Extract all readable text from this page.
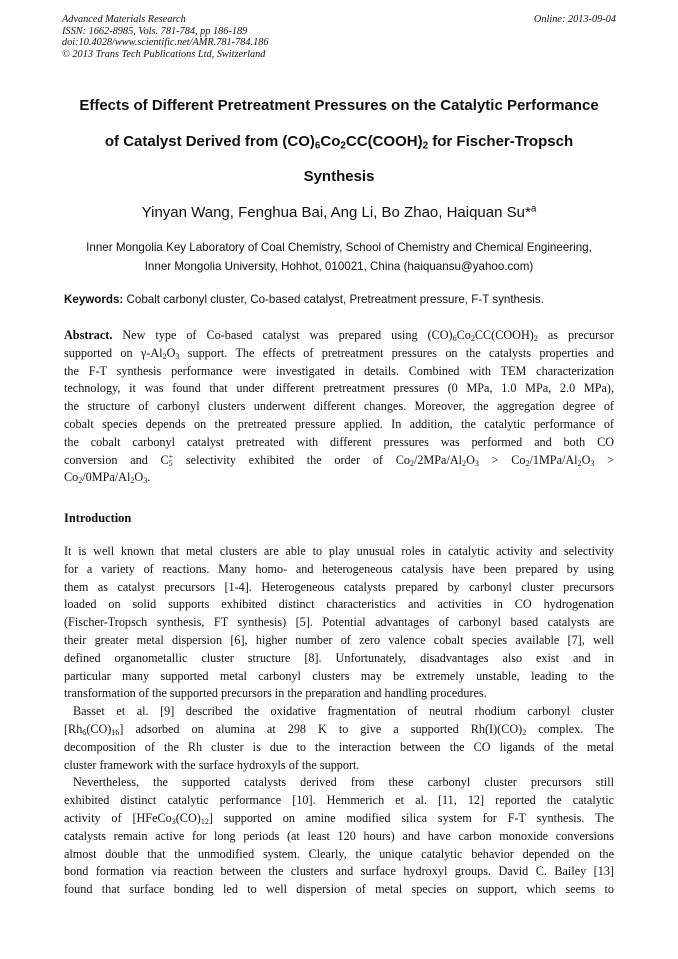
Advanced Materials Research
ISSN: 1662-8985, Vols. 781-784, pp 186-189
doi:10.4028/www.scientific.net/AMR.781-784.186
© 2013 Trans Tech Publications Ltd, Switzerland
Online: 2013-09-04
Effects of Different Pretreatment Pressures on the Catalytic Performance
of Catalyst Derived from $(CO)_6Co_2CC(COOH)_2$ for Fischer-Tropsch
Synthesis
Yinyan Wang, Fenghua Bai, Ang Li, Bo Zhao, Haiquan Su*$^a$
Inner Mongolia Key Laboratory of Coal Chemistry, School of Chemistry and Chemical Engineering,
Inner Mongolia University, Hohhot, 010021, China (haiquansu@yahoo.com)
Keywords: Cobalt carbonyl cluster, Co-based catalyst, Pretreatment pressure, F-T synthesis.
Abstract. New type of Co-based catalyst was prepared using $(CO)_6Co_2CC(COOH)_2$ as precursor
supported on $\gamma-Al_2O_3$ support. The effects of pretreatment pressures on the catalysts properties and
the F-T synthesis performance were investigated in details. Combined with TEM characterization
technology, it was found that under different pretreatment pressures (0 MPa, 1.0 MPa, 2.0 MPa),
the structure of carbonyl clusters underwent different changes. Moreover, the aggregation degree of
cobalt species depends on the pretreated pressure applied. In addition, the catalytic performance of
the cobalt carbonyl catalyst pretreated with different pressures was performed and both CO
conversion and $C_5^+$ selectivity exhibited the order of $Co_2/2MPa/Al_2O_3 > Co_2/1MPa/Al_2O_3$ >
$Co_2/0MPa/Al_2O_3$.
Introduction
It is well known that metal clusters are able to play unusual roles in catalytic activity and selectivity
for a variety of reactions. Many homo- and heterogeneous catalysis have been prepared by using
them as catalyst precursors [1-4]. Heterogeneous catalysts prepared by carbonyl cluster precursors
loaded on solid supports exhibited distinct characteristics and activities in CO hydrogenation
(Fischer-Tropsch synthesis, FT synthesis) [5]. Potential advantages of carbonyl based catalysts are
their greater metal dispersion [6], higher number of zero valence cobalt species available [7], well
defined organometallic cluster structure [8]. Unfortunately, disadvantages also exist and in
particular many supported metal carbonyl clusters may be extremely unstable, leading to the
transformation of the supported precursors in the preparation and handling procedures.
Basset et al. [9] described the oxidative fragmentation of neutral rhodium carbonyl cluster
$[Rh_6(CO)_{16}]$ adsorbed on alumina at 298 K to give a supported $Rh(I)(CO)_2$ complex. The
decomposition of the Rh cluster is due to the interaction between the CO ligands of the metal
cluster framework with the surface hydroxyls of the support.
Nevertheless, the supported catalysts derived from these carbonyl cluster precursors still
exhibited distinct catalytic performance [10]. Hemmerich et al. [11, 12] reported the catalytic
activity of $[HFeCo_3(CO)_{12}]$ supported on amine modified silica system for F-T synthesis. The
catalysts remain active for long periods (at least 120 hours) and have carbon monoxide conversions
almost double that the unmodified system. Clearly, the unique catalytic behavior depended on the
bond formation via reaction between the clusters and surface hydroxyl groups. David C. Bailey [13]
found that surface bonding led to well dispersion of metal species on support, which seems to
